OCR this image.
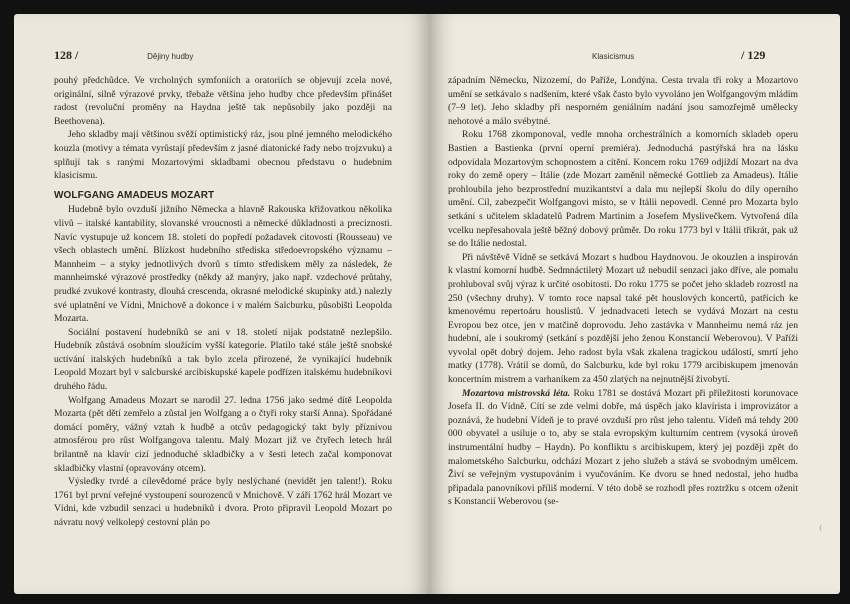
128 /	Dějiny hudby

pouhý předchůdce. Ve vrcholných symfoniích a oratoriích se objevují zcela nové, originální, silně výrazové prvky, třebaže většina jeho hudby chce především přinášet radost (revoluční proměny na Haydna ještě tak nepůsobily jako později na Beethovena).

Jeho skladby mají většinou svěží optimistický ráz, jsou plné jemného melodického kouzla (motivy a témata vyrůstají především z jasné diatonické řady nebo trojzvuku) a splňují tak s ranými Mozartovými skladbami obecnou představu o hudebním klasicismu.

WOLFGANG AMADEUS MOZART

Hudebně bylo ovzduší jižního Německa a hlavně Rakouska křižovatkou několika vlivů – italské kantability, slovanské vroucnosti a německé důkladnosti a preciznosti. Navíc vystupuje už koncem 18. století do popředí požadavek citovosti (Rousseau) ve všech oblastech umění. Blízkost hudebního střediska středoevropského významu – Mannheim – a styky jednotlivých dvorů s tímto střediskem měly za následek, že mannheimské výrazové prostředky (někdy až manýry, jako např. vzdechové průtahy, prudké zvukové kontrasty, dlouhá crescenda, okrasné melodické skupinky atd.) nalezly své uplatnění ve Vídni, Mnichově a dokonce i v malém Salcburku, působišti Leopolda Mozarta.

Sociální postavení hudebníků se ani v 18. století nijak podstatně nezlepšilo. Hudebník zůstává osobním sloužícím vyšší kategorie. Platilo také stále ještě snobské uctívání italských hudebníků a tak bylo zcela přirozené, že vynikající hudebník Leopold Mozart byl v salcburské arcibiskupské kapele podřízen italskému hudebníkovi druhého řádu.

Wolfgang Amadeus Mozart se narodil 27. ledna 1756 jako sedmé dítě Leopolda Mozarta (pět dětí zemřelo a zůstal jen Wolfgang a o čtyři roky starší Anna). Spořádané domácí poměry, vážný vztah k hudbě a otcův pedagogický takt byly příznivou atmosférou pro růst Wolfgangova talentu. Malý Mozart již ve čtyřech letech hrál brilantně na klavír cizí jednoduché skladbičky a v šesti letech začal komponovat skladbičky vlastní (opravovány otcem).

Výsledky tvrdé a cílevědomé práce byly neslýchané (nevidět jen talent!). Roku 1761 byl první veřejné vystoupení sourozenců v Mnichově. V září 1762 hrál Mozart ve Vídni, kde vzbudil senzaci u hudebníků i dvora. Proto připravil Leopold Mozart po návratu nový velkolepý cestovní plán po

Klasicismus	/ 129

západním Německu, Nizozemí, do Paříže, Londýna. Cesta trvala tři roky a Mozartovo umění se setkávalo s nadšením, které však často bylo vyvoláno jen Wolfgangovým mládím (7–9 let). Jeho skladby při nesporném geniálním nadání jsou samozřejmě umělecky nehotové a málo svébytné.

Roku 1768 zkomponoval, vedle mnoha orchestrálních a komorních skladeb operu Bastien a Bastienka (první operní premiéra). Jednoduchá pastýřská hra na lásku odpovídala Mozartovým schopnostem a cítění. Koncem roku 1769 odjíždí Mozart na dva roky do země opery – Itálie (zde Mozart zaměnil německé Gottlieb za Amadeus). Itálie prohloubila jeho bezprostřední muzikantství a dala mu nejlepší školu do díly operního umění. Cíl, zabezpečit Wolfgangovi místo, se v Itálii nepovedl. Cenné pro Mozarta bylo setkání s učitelem skladatelů Padrem Martinim a Josefem Myslivečkem. Vytvořená díla vcelku nepřesahovala ještě běžný dobový průměr. Do roku 1773 byl v Itálii třikrát, pak už se do Itálie nedostal.

Při návštěvě Vídně se setkává Mozart s hudbou Haydnovou. Je okouzlen a inspirován k vlastní komorní hudbě. Sedmnáctiletý Mozart už nebudil senzaci jako dříve, ale pomalu prohluboval svůj výraz k určité osobitosti. Do roku 1775 se počet jeho skladeb rozrostl na 250 (všechny druhy). V tomto roce napsal také pět houslových koncertů, patřících ke kmenovému repertoáru houslistů. V jednadvaceti letech se vydává Mozart na cestu Evropou bez otce, jen v matčině doprovodu. Jeho zastávka v Mannheimu nemá ráz jen hudební, ale i soukromý (setkání s pozdější jeho ženou Konstancií Weberovou). V Paříži vyvolal opět dobrý dojem. Jeho radost byla však zkalena tragickou událostí, smrtí jeho matky (1778). Vrátil se domů, do Salcburku, kde byl roku 1779 arcibiskupem jmenován koncertním mistrem a varhaníkem za 450 zlatých na nejnutnější živobytí.

Mozartova mistrovská léta. Roku 1781 se dostává Mozart při příležitosti korunovace Josefa II. do Vídně. Cítí se zde velmi dobře, má úspěch jako klavírista i improvizátor a poznává, že hudební Vídeň je to pravé ovzduší pro růst jeho talentu. Vídeň má tehdy 200 000 obyvatel a usiluje o to, aby se stala evropským kulturním centrem (vysoká úroveň instrumentální hudby – Haydn). Po konfliktu s arcibiskupem, který jej později zpět do malometského Salcburku, odchází Mozart z jeho služeb a stává se svobodným umělcem. Živí se veřejným vystupováním i vyučováním. Ke dvoru se hned nedostal, jeho hudba připadala panovníkovi příliš moderní. V této době se rozhodl přes roztržku s otcem oženit s Konstancií Weberovou (se-

(
